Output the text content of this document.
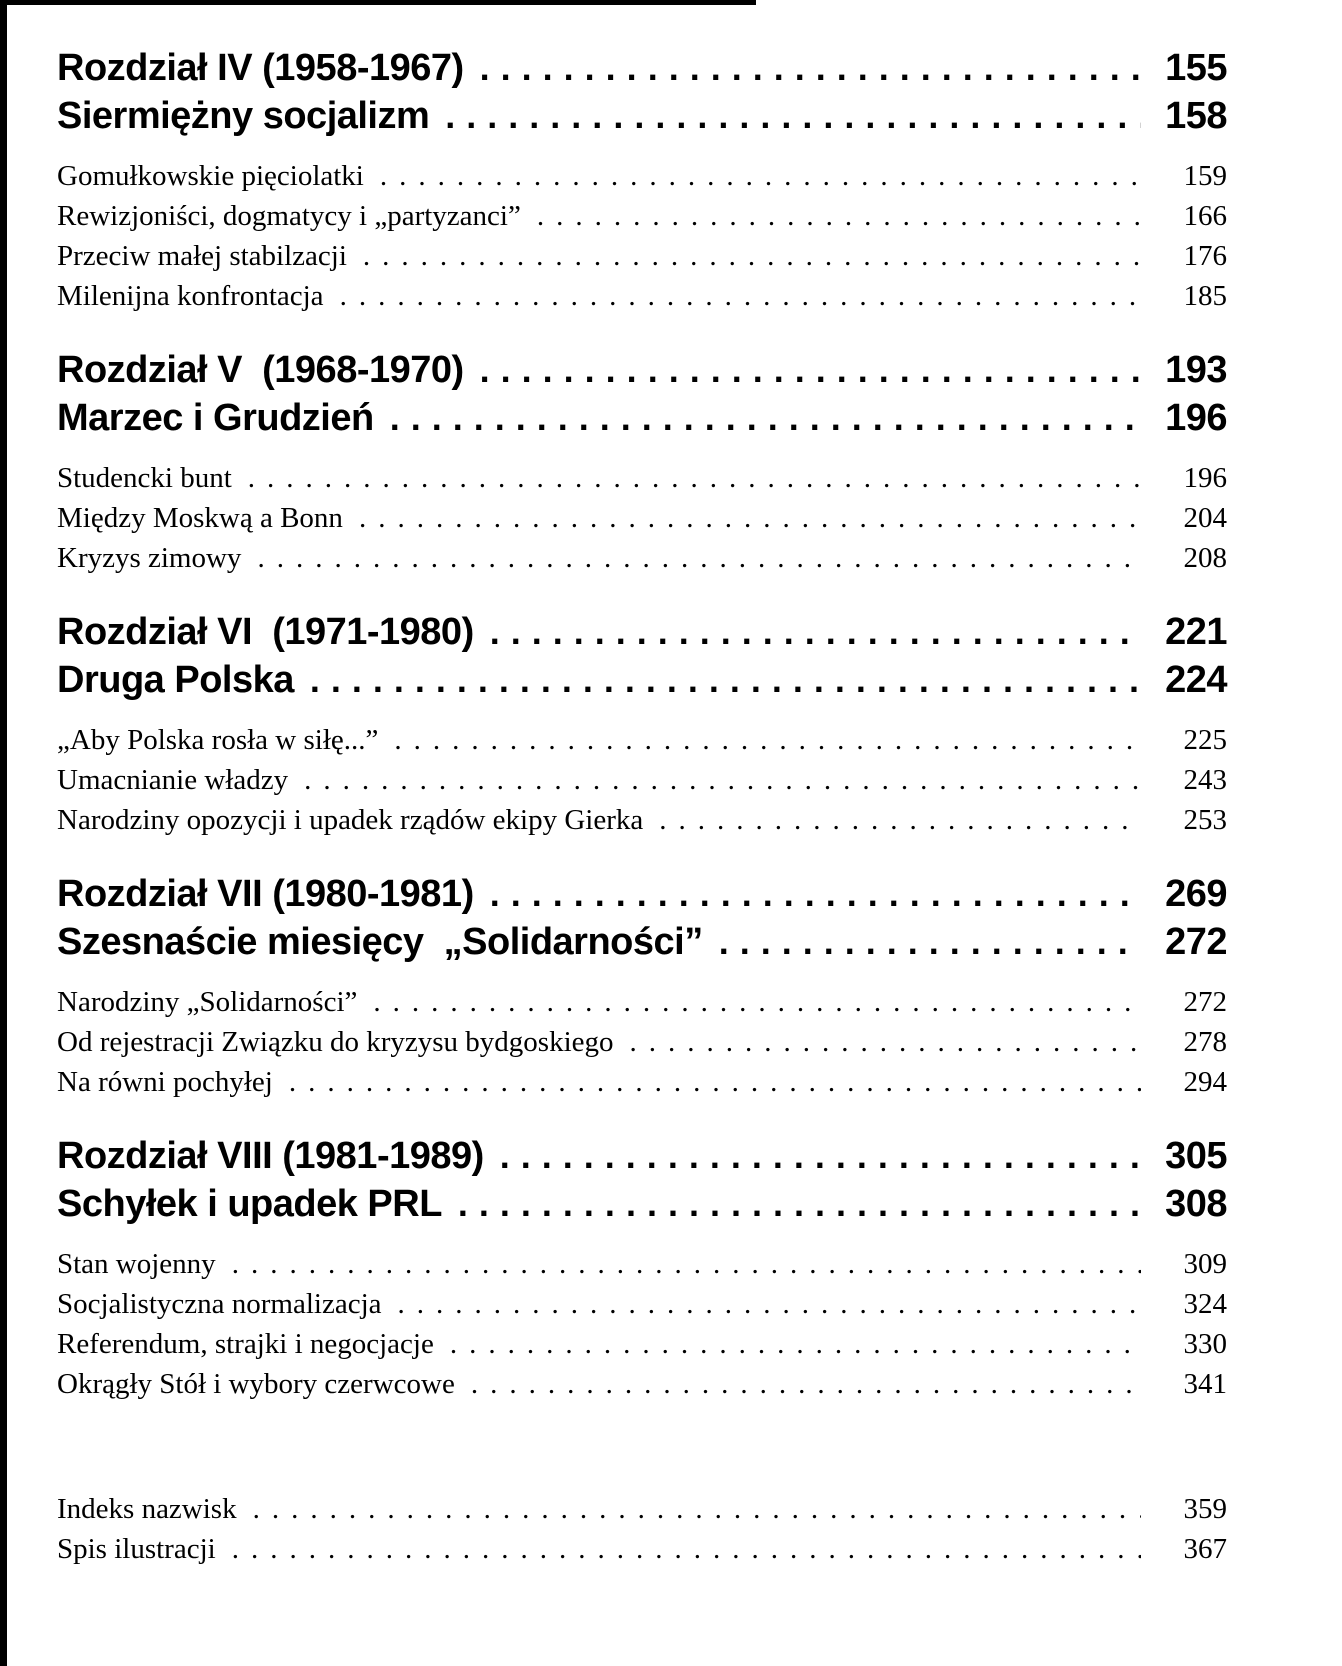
Rozdział IV (1958-1967) .....	155
Siermiężny socjalizm .....	158
Gomułkowskie pięciolatki .....	159
Rewizjoniści, dogmatycy i „partyzanci” .....	166
Przeciw małej stabilzacji .....	176
Milenijna konfrontacja .....	185
Rozdział V  (1968-1970) .....	193
Marzec i Grudzień .....	196
Studencki bunt .....	196
Między Moskwą a Bonn .....	204
Kryzys zimowy .....	208
Rozdział VI  (1971-1980) .....	221
Druga Polska .....	224
„Aby Polska rosła w siłę...” .....	225
Umacnianie władzy .....	243
Narodziny opozycji i upadek rządów ekipy Gierka .....	253
Rozdział VII (1980-1981) .....	269
Szesnaście miesięcy  „Solidarności” .....	272
Narodziny „Solidarności” .....	272
Od rejestracji Związku do kryzysu bydgoskiego .....	278
Na równi pochyłej .....	294
Rozdział VIII (1981-1989) .....	305
Schyłek i upadek PRL .....	308
Stan wojenny .....	309
Socjalistyczna normalizacja .....	324
Referendum, strajki i negocjacje .....	330
Okrągły Stół i wybory czerwcowe .....	341
Indeks nazwisk .....	359
Spis ilustracji .....	367
